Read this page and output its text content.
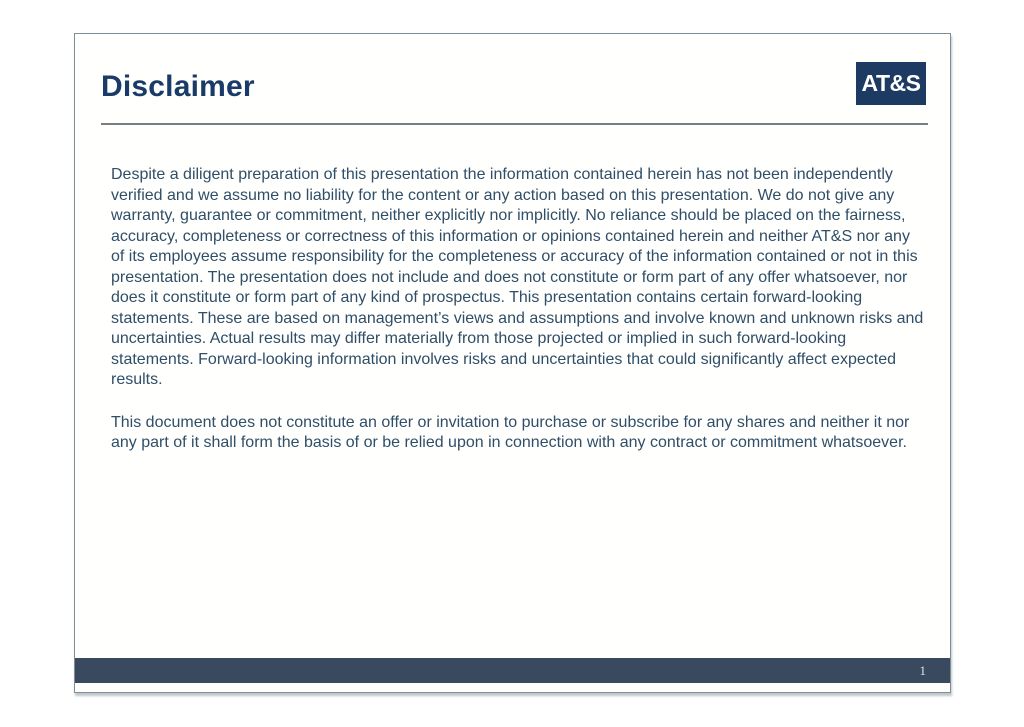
Disclaimer	AT&S

Despite a diligent preparation of this presentation the information contained herein has not been independently verified and we assume no liability for the content or any action based on this presentation. We do not give any warranty, guarantee or commitment, neither explicitly nor implicitly. No reliance should be placed on the fairness, accuracy, completeness or correctness of this information or opinions contained herein and neither AT&S nor any of its employees assume responsibility for the completeness or accuracy of the information contained or not in this presentation. The presentation does not include and does not constitute or form part of any offer whatsoever, nor does it constitute or form part of any kind of prospectus. This presentation contains certain forward-looking statements. These are based on management’s views and assumptions and involve known and unknown risks and uncertainties. Actual results may differ materially from those projected or implied in such forward-looking statements. Forward-looking information involves risks and uncertainties that could significantly affect expected results.

This document does not constitute an offer or invitation to purchase or subscribe for any shares and neither it nor any part of it shall form the basis of or be relied upon in connection with any contract or commitment whatsoever.

1
